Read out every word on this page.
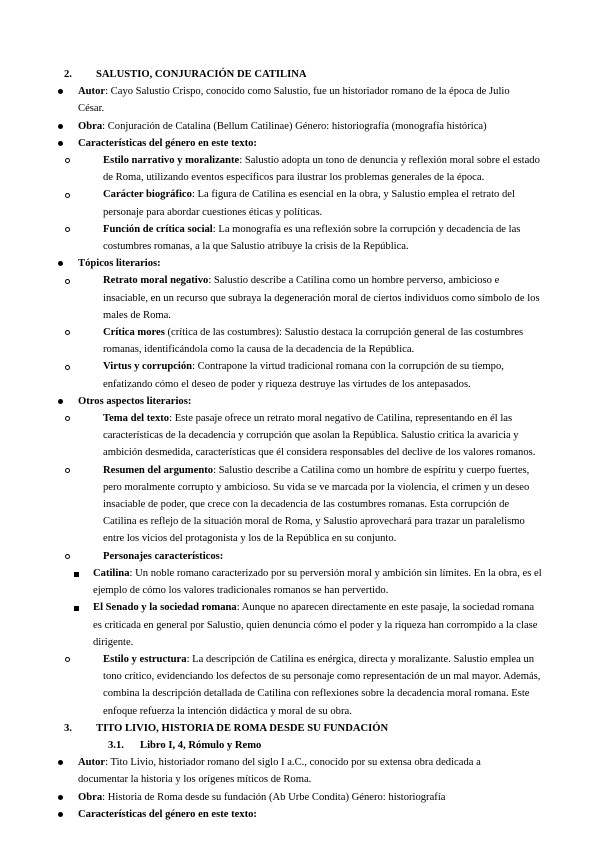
2. SALUSTIO, CONJURACIÓN DE CATILINA

Autor: Cayo Salustio Crispo, conocido como Salustio, fue un historiador romano de la época de Julio César.

Obra: Conjuración de Catalina (Bellum Catilinae) Género: historiografía (monografía histórica)

Características del género en este texto:

Estilo narrativo y moralizante: Salustio adopta un tono de denuncia y reflexión moral sobre el estado de Roma, utilizando eventos específicos para ilustrar los problemas generales de la época.

Carácter biográfico: La figura de Catilina es esencial en la obra, y Salustio emplea el retrato del personaje para abordar cuestiones éticas y políticas.

Función de crítica social: La monografía es una reflexión sobre la corrupción y decadencia de las costumbres romanas, a la que Salustio atribuye la crisis de la República.

Tópicos literarios:

Retrato moral negativo: Salustio describe a Catilina como un hombre perverso, ambicioso e insaciable, en un recurso que subraya la degeneración moral de ciertos individuos como símbolo de los males de Roma.

Crítica mores (crítica de las costumbres): Salustio destaca la corrupción general de las costumbres romanas, identificándola como la causa de la decadencia de la República.

Virtus y corrupción: Contrapone la virtud tradicional romana con la corrupción de su tiempo, enfatizando cómo el deseo de poder y riqueza destruye las virtudes de los antepasados.

Otros aspectos literarios:

Tema del texto: Este pasaje ofrece un retrato moral negativo de Catilina, representando en él las características de la decadencia y corrupción que asolan la República. Salustio critica la avaricia y ambición desmedida, características que él considera responsables del declive de los valores romanos.

Resumen del argumento: Salustio describe a Catilina como un hombre de espíritu y cuerpo fuertes, pero moralmente corrupto y ambicioso. Su vida se ve marcada por la violencia, el crimen y un deseo insaciable de poder, que crece con la decadencia de las costumbres romanas. Esta corrupción de Catilina es reflejo de la situación moral de Roma, y Salustio aprovechará para trazar un paralelismo entre los vicios del protagonista y los de la República en su conjunto.

Personajes característicos:

Catilina: Un noble romano caracterizado por su perversión moral y ambición sin límites. En la obra, es el ejemplo de cómo los valores tradicionales romanos se han pervertido.

El Senado y la sociedad romana: Aunque no aparecen directamente en este pasaje, la sociedad romana es criticada en general por Salustio, quien denuncia cómo el poder y la riqueza han corrompido a la clase dirigente.

Estilo y estructura: La descripción de Catilina es enérgica, directa y moralizante. Salustio emplea un tono crítico, evidenciando los defectos de su personaje como representación de un mal mayor. Además, combina la descripción detallada de Catilina con reflexiones sobre la decadencia moral romana. Este enfoque refuerza la intención didáctica y moral de su obra.

3. TITO LIVIO, HISTORIA DE ROMA DESDE SU FUNDACIÓN

3.1. Libro I, 4, Rómulo y Remo

Autor: Tito Livio, historiador romano del siglo I a.C., conocido por su extensa obra dedicada a documentar la historia y los orígenes míticos de Roma.

Obra: Historia de Roma desde su fundación (Ab Urbe Condita) Género: historiografía

Características del género en este texto:
